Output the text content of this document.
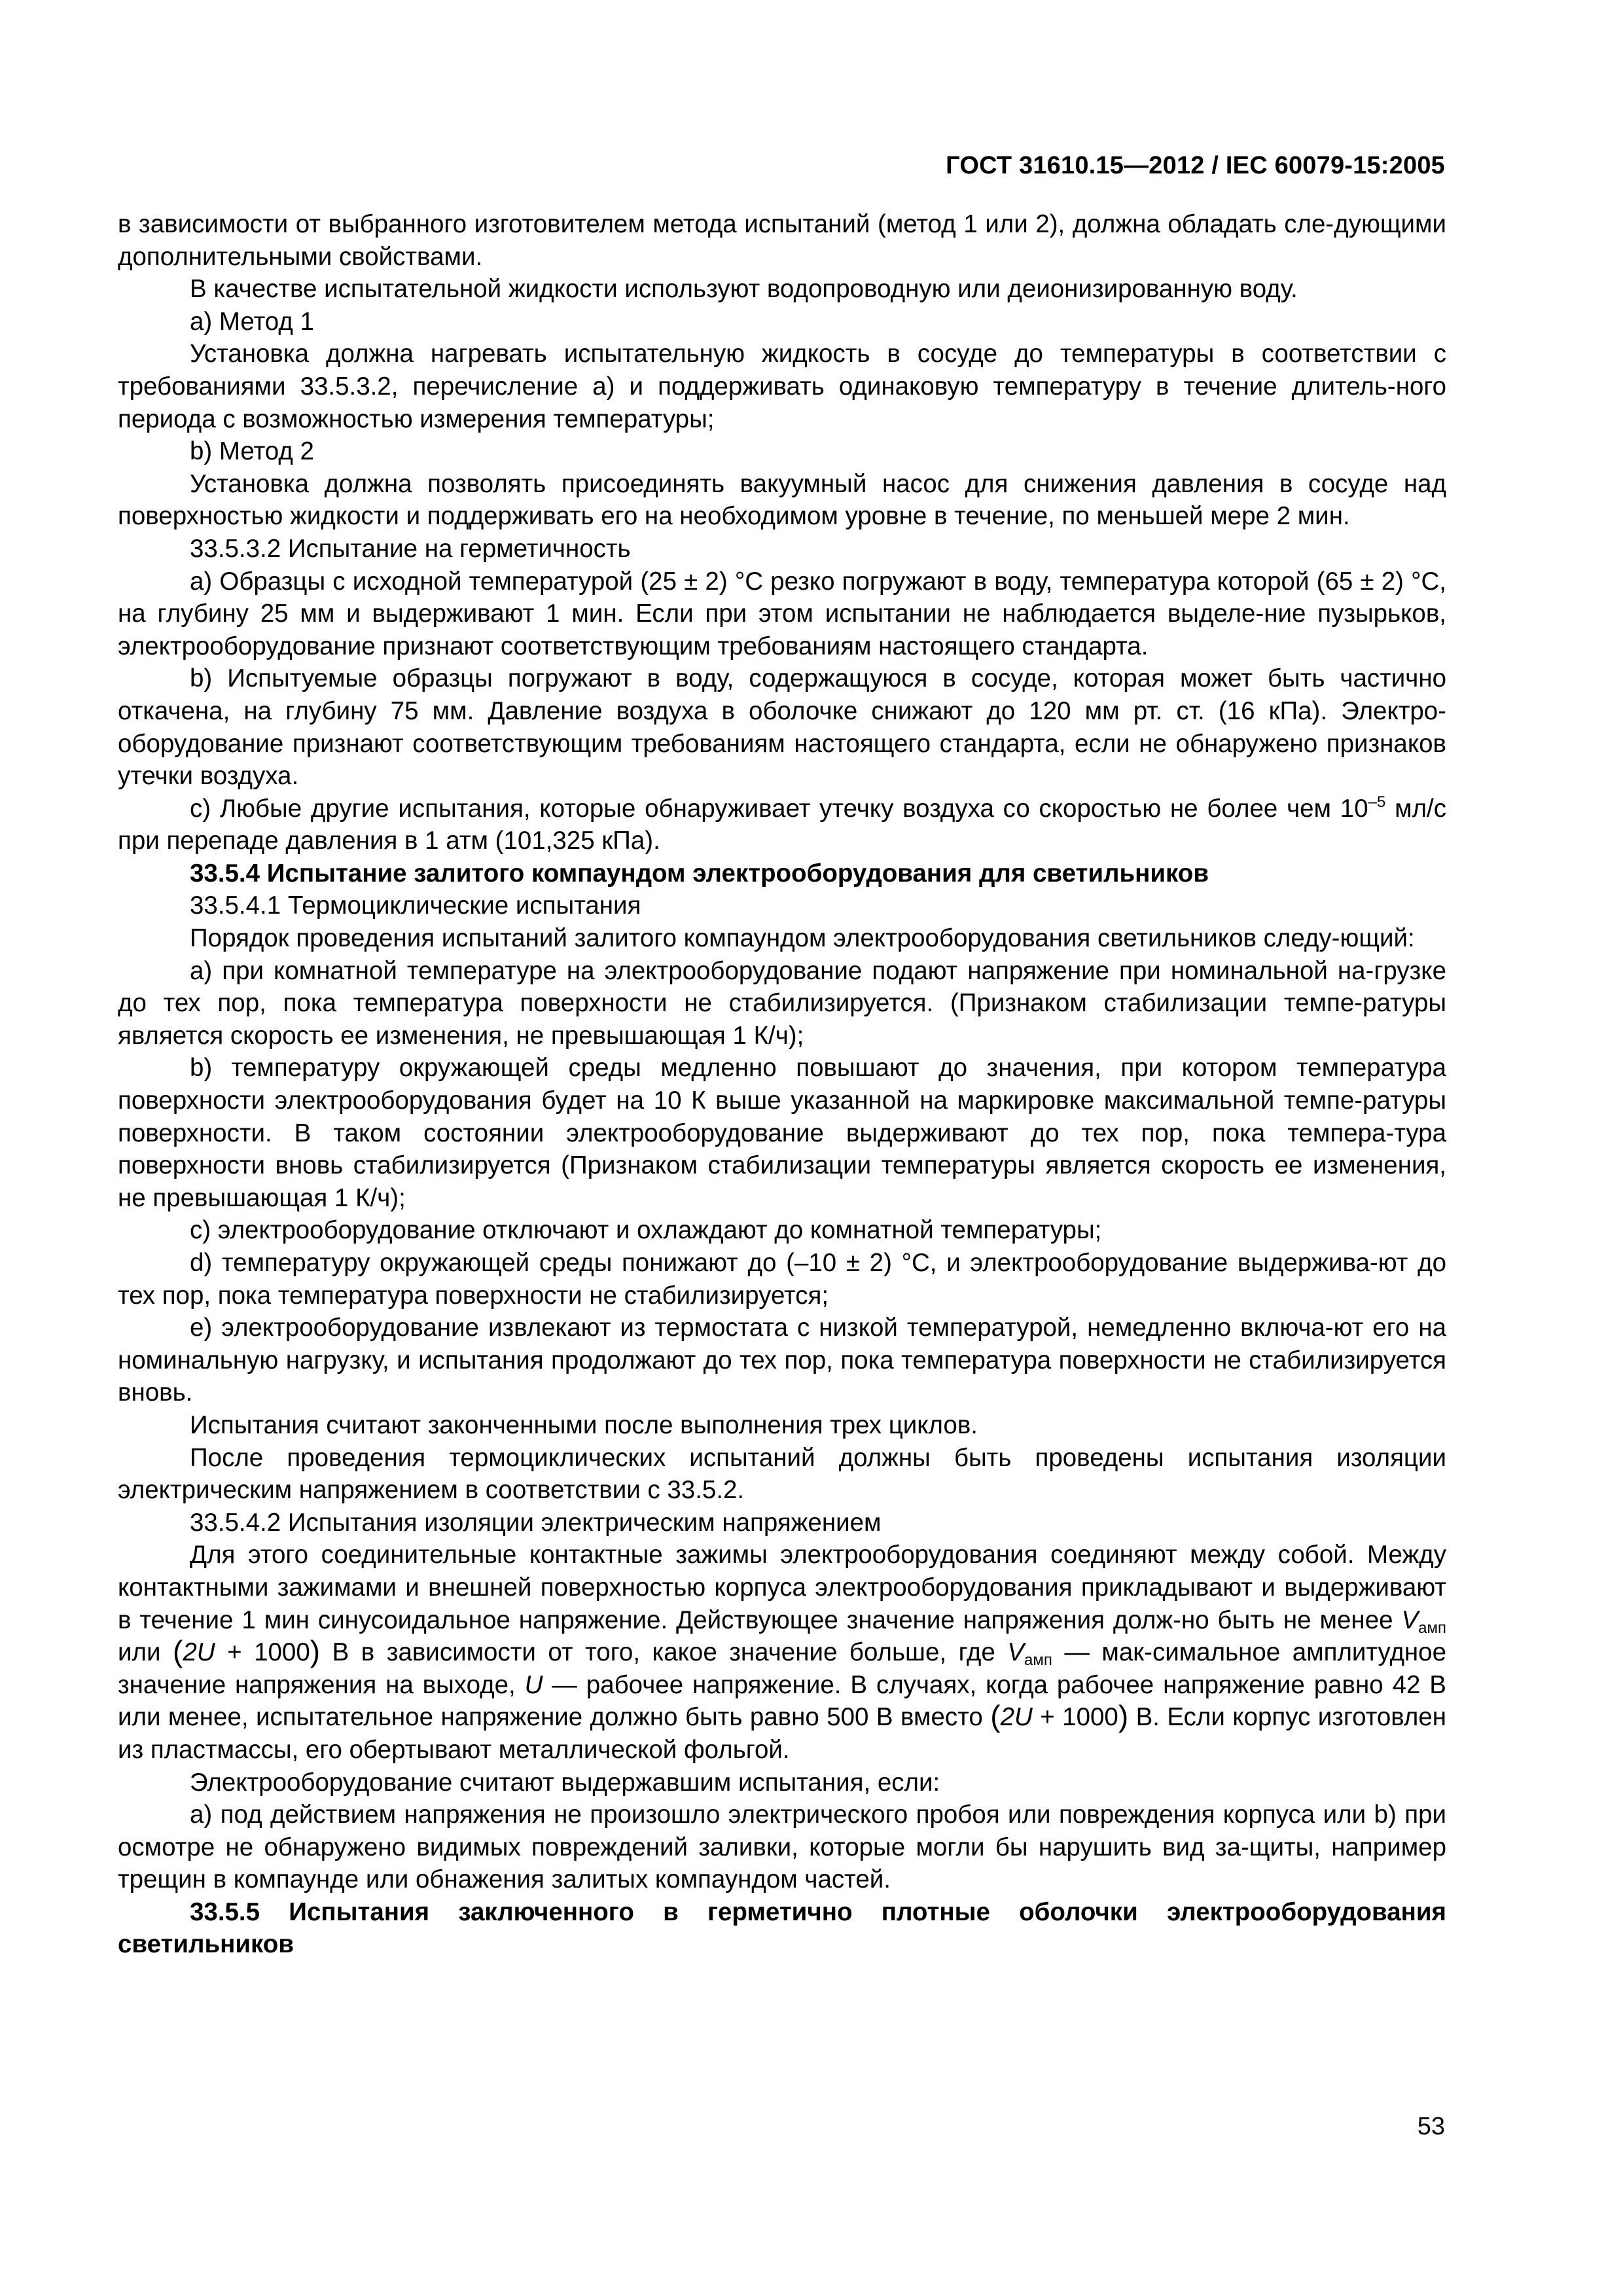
ГОСТ 31610.15—2012 / IEC 60079-15:2005

в зависимости от выбранного изготовителем метода испытаний (метод 1 или 2), должна обладать сле-дующими дополнительными свойствами.

В качестве испытательной жидкости используют водопроводную или деионизированную воду.

а) Метод 1

Установка должна нагревать испытательную жидкость в сосуде до температуры в соответствии с требованиями 33.5.3.2, перечисление а) и поддерживать одинаковую температуру в течение длитель-ного периода с возможностью измерения температуры;

b) Метод 2

Установка должна позволять присоединять вакуумный насос для снижения давления в сосуде над поверхностью жидкости и поддерживать его на необходимом уровне в течение, по меньшей мере 2 мин.

33.5.3.2 Испытание на герметичность

а) Образцы с исходной температурой (25 ± 2) °С резко погружают в воду, температура которой (65 ± 2) °С, на глубину 25 мм и выдерживают 1 мин. Если при этом испытании не наблюдается выделе-ние пузырьков, электрооборудование признают соответствующим требованиям настоящего стандарта.

b) Испытуемые образцы погружают в воду, содержащуюся в сосуде, которая может быть частично откачена, на глубину 75 мм. Давление воздуха в оболочке снижают до 120 мм рт. ст. (16 кПа). Электро-оборудование признают соответствующим требованиям настоящего стандарта, если не обнаружено признаков утечки воздуха.

с) Любые другие испытания, которые обнаруживает утечку воздуха со скоростью не более чем $10^{-5}$ мл/с при перепаде давления в 1 атм (101,325 кПа).

33.5.4 Испытание залитого компаундом электрооборудования для светильников

33.5.4.1 Термоциклические испытания

Порядок проведения испытаний залитого компаундом электрооборудования светильников следу-ющий:

а) при комнатной температуре на электрооборудование подают напряжение при номинальной на-грузке до тех пор, пока температура поверхности не стабилизируется. (Признаком стабилизации темпе-ратуры является скорость ее изменения, не превышающая 1 К/ч);

b) температуру окружающей среды медленно повышают до значения, при котором температура поверхности электрооборудования будет на 10 К выше указанной на маркировке максимальной темпе-ратуры поверхности. В таком состоянии электрооборудование выдерживают до тех пор, пока темпера-тура поверхности вновь стабилизируется (Признаком стабилизации температуры является скорость ее изменения, не превышающая 1 К/ч);

с) электрооборудование отключают и охлаждают до комнатной температуры;

d) температуру окружающей среды понижают до (–10 ± 2) °С, и электрооборудование выдержива-ют до тех пор, пока температура поверхности не стабилизируется;

е) электрооборудование извлекают из термостата с низкой температурой, немедленно включа-ют его на номинальную нагрузку, и испытания продолжают до тех пор, пока температура поверхности не стабилизируется вновь.

Испытания считают законченными после выполнения трех циклов.

После проведения термоциклических испытаний должны быть проведены испытания изоляции электрическим напряжением в соответствии с 33.5.2.

33.5.4.2 Испытания изоляции электрическим напряжением

Для этого соединительные контактные зажимы электрооборудования соединяют между собой. Между контактными зажимами и внешней поверхностью корпуса электрооборудования прикладывают и выдерживают в течение 1 мин синусоидальное напряжение. Действующее значение напряжения долж-но быть не менее $V_{амп}$ или (2U + 1000) В в зависимости от того, какое значение больше, где $V_{амп}$ — мак-симальное амплитудное значение напряжения на выходе, U — рабочее напряжение. В случаях, когда рабочее напряжение равно 42 В или менее, испытательное напряжение должно быть равно 500 В вместо (2U + 1000) В. Если корпус изготовлен из пластмассы, его обертывают металлической фольгой.

Электрооборудование считают выдержавшим испытания, если:

а) под действием напряжения не произошло электрического пробоя или повреждения корпуса или b) при осмотре не обнаружено видимых повреждений заливки, которые могли бы нарушить вид за-щиты, например трещин в компаунде или обнажения залитых компаундом частей.

33.5.5 Испытания заключенного в герметично плотные оболочки электрооборудования светильников

53
